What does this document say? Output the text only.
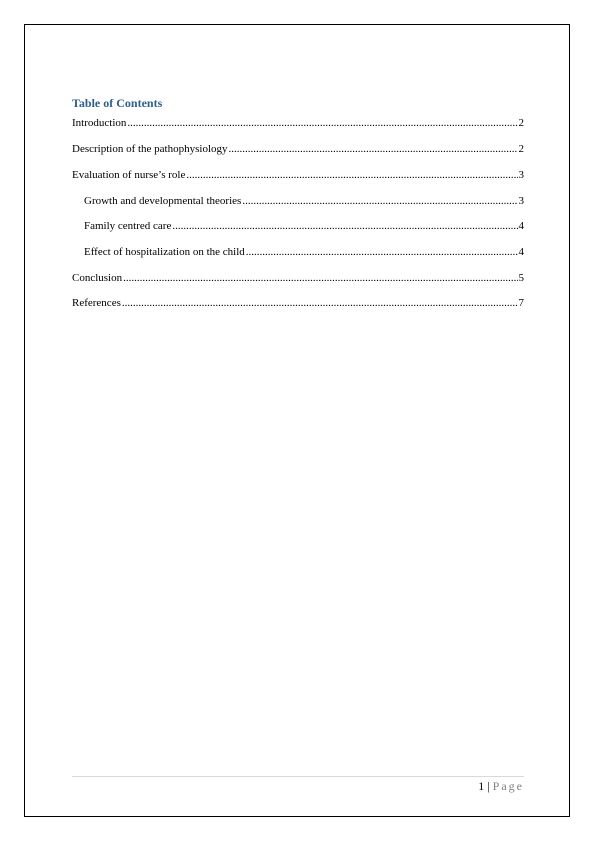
Table of Contents
Introduction .....	2
Description of the pathophysiology .....	2
Evaluation of nurse’s role .....	3
Growth and developmental theories .....	3
Family centred care .....	4
Effect of hospitalization on the child .....	4
Conclusion .....	5
References .....	7
1 | Page
